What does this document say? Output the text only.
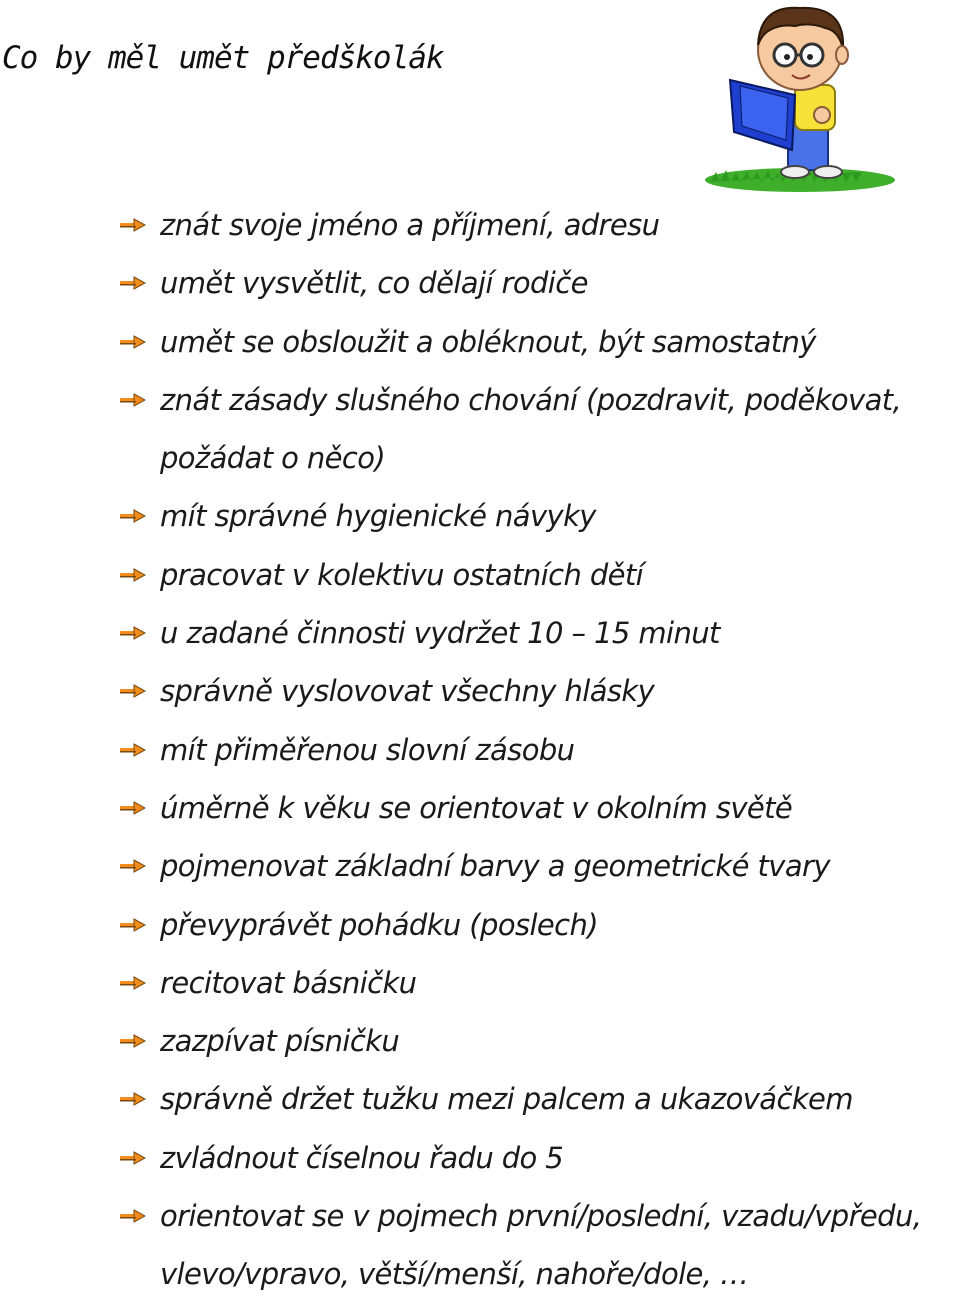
Co by měl umět předškolák
znát svoje jméno a příjmení, adresu
umět vysvětlit, co dělají rodiče
umět se obsloužit a obléknout, být samostatný
znát zásady slušného chování (pozdravit, poděkovat,
požádat o něco)
mít správné hygienické návyky
pracovat v kolektivu ostatních dětí
u zadané činnosti vydržet 10 – 15 minut
správně vyslovovat všechny hlásky
mít přiměřenou slovní zásobu
úměrně k věku se orientovat v okolním světě
pojmenovat základní barvy a geometrické tvary
převyprávět pohádku (poslech)
recitovat básničku
zazpívat písničku
správně držet tužku mezi palcem a ukazováčkem
zvládnout číselnou řadu do 5
orientovat se v pojmech první/poslední, vzadu/vpředu,
vlevo/vpravo, větší/menší, nahoře/dole, …
